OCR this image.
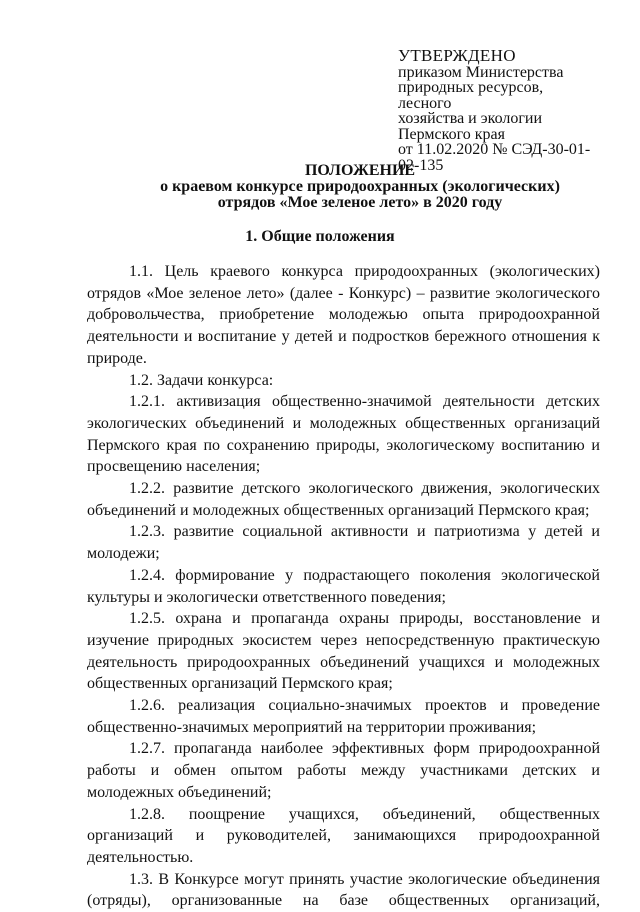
УТВЕРЖДЕНО
приказом Министерства
природных ресурсов, лесного
хозяйства и экологии
Пермского края
от 11.02.2020 № СЭД-30-01-
02-135
ПОЛОЖЕНИЕ
о краевом конкурсе природоохранных (экологических)
отрядов «Мое зеленое лето» в 2020 году
1. Общие положения

1.1. Цель краевого конкурса природоохранных (экологических) отрядов «Мое зеленое лето» (далее - Конкурс) – развитие экологического добровольчества, приобретение молодежью опыта природоохранной деятельности и воспитание у детей и подростков бережного отношения к природе.

1.2. Задачи конкурса:

1.2.1. активизация общественно-значимой деятельности детских экологических объединений и молодежных общественных организаций Пермского края по сохранению природы, экологическому воспитанию и просвещению населения;

1.2.2. развитие детского экологического движения, экологических объединений и молодежных общественных организаций Пермского края;

1.2.3. развитие социальной активности и патриотизма у детей и молодежи;

1.2.4. формирование у подрастающего поколения экологической культуры и экологически ответственного поведения;

1.2.5. охрана и пропаганда охраны природы, восстановление и изучение природных экосистем через непосредственную практическую деятельность природоохранных объединений учащихся и молодежных общественных организаций Пермского края;

1.2.6. реализация социально-значимых проектов и проведение общественно-значимых мероприятий на территории проживания;

1.2.7. пропаганда наиболее эффективных форм природоохранной работы и обмен опытом работы между участниками детских и молодежных объединений;

1.2.8. поощрение учащихся, объединений, общественных организаций и руководителей, занимающихся природоохранной деятельностью.

1.3. В Конкурсе могут принять участие экологические объединения (отряды), организованные на базе общественных организаций,
